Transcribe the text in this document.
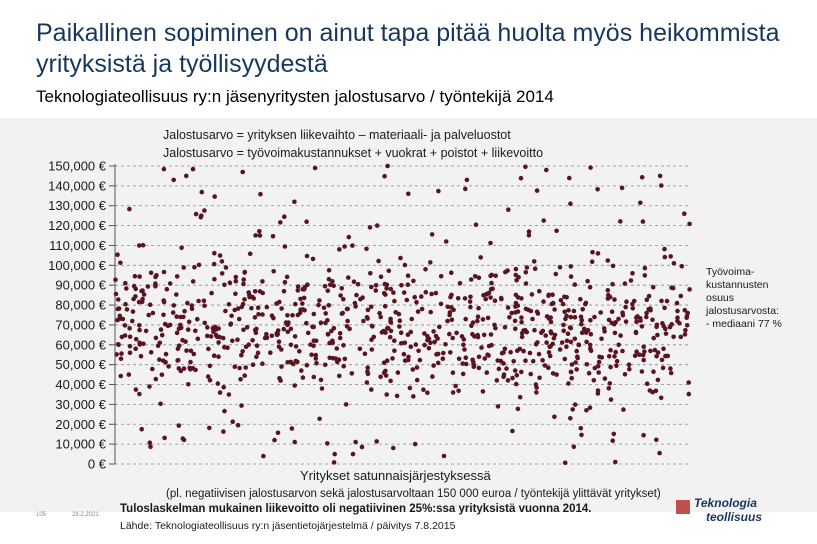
Paikallinen sopiminen on ainut tapa pitää huolta myös heikommista yrityksistä ja työllisyydestä
Teknologiateollisuus ry:n jäsenyritysten jalostusarvo / työntekijä 2014
0 €
10,000 €
20,000 €
30,000 €
40,000 €
50,000 €
60,000 €
70,000 €
80,000 €
90,000 €
100,000 €
110,000 €
120,000 €
130,000 €
140,000 €
150,000 €
Jalostusarvo = yrityksen liikevaihto – materiaali- ja palveluostot
Jalostusarvo = työvoimakustannukset + vuokrat + poistot + liikevoitto
Työvoima-
kustannusten
osuus
jalostusarvosta:
- mediaani 77 %
Yritykset satunnaisjärjestyksessä
(pl. negatiivisen jalostusarvon sekä jalostusarvoltaan 150 000 euroa / työntekijä ylittävät yritykset)
Tuloslaskelman mukainen liikevoitto oli negatiivinen 25%:ssa yrityksistä vuonna 2014.
Lähde: Teknologiateollisuus ry:n jäsentietojärjestelmä / päivitys 7.8.2015
105	28.2.2021
Teknologia
teollisuus
